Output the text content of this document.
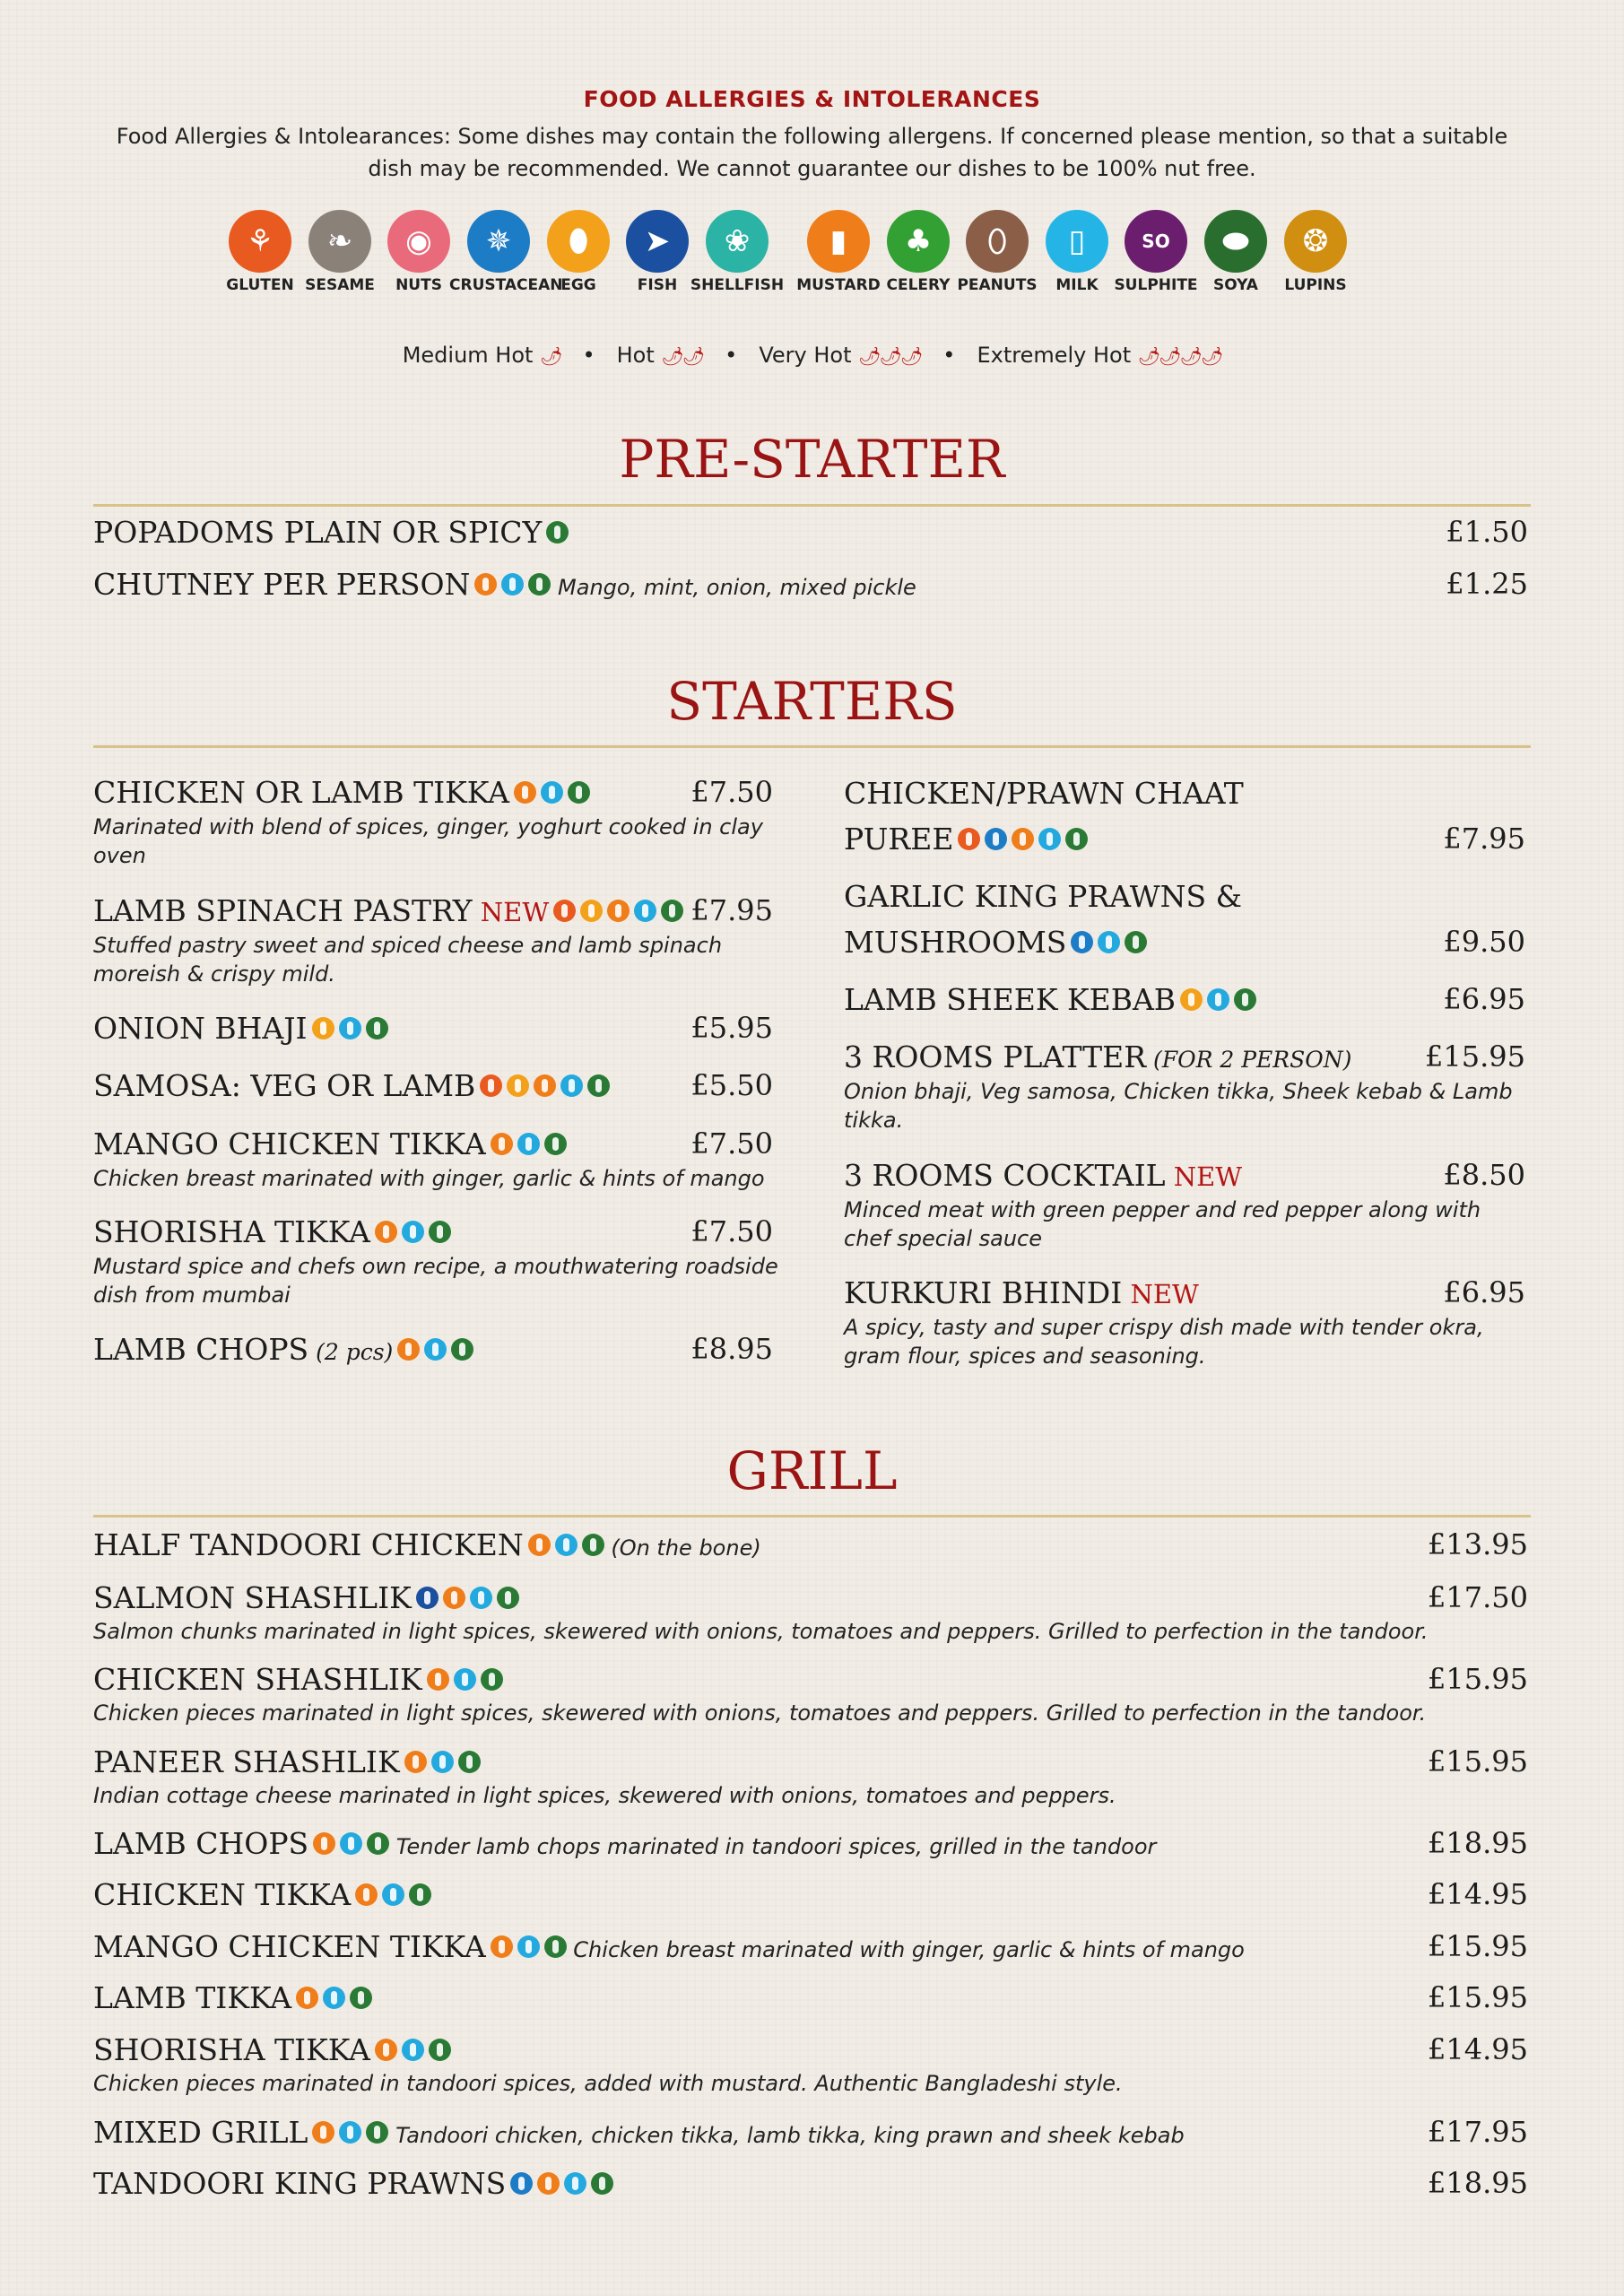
FOOD ALLERGIES & INTOLERANCES
Food Allergies & Intolearances: Some dishes may contain the following allergens. If concerned please mention, so that a suitable dish may be recommended. We cannot guarantee our dishes to be 100% nut free.
⚘
GLUTEN
❧
SESAME
◉
NUTS
✵
CRUSTACEAN
⬮
EGG
➤
FISH
❀
SHELLFISH
▮
MUSTARD
♣
CELERY
⬯
PEANUTS
▯
MILK
SO
SULPHITE
⬬
SOYA
❂
LUPINS
Medium Hot 🌶 • Hot 🌶🌶 • Very Hot 🌶🌶🌶 • Extremely Hot 🌶🌶🌶🌶
PRE-STARTER
POPADOMS PLAIN OR SPICY	£1.50
CHUTNEY PER PERSON	Mango, mint, onion, mixed pickle	£1.25
STARTERS
CHICKEN OR LAMB TIKKA	£7.50
Marinated with blend of spices, ginger, yoghurt cooked in clay oven
LAMB SPINACH PASTRY NEW	£7.95
Stuffed pastry sweet and spiced cheese and lamb spinach moreish & crispy mild.
ONION BHAJI	£5.95
SAMOSA: VEG OR LAMB	£5.50
MANGO CHICKEN TIKKA	£7.50
Chicken breast marinated with ginger, garlic & hints of mango
SHORISHA TIKKA	£7.50
Mustard spice and chefs own recipe, a mouthwatering roadside dish from mumbai
LAMB CHOPS (2 pcs)	£8.95
CHICKEN/PRAWN CHAAT
PUREE	£7.95
GARLIC KING PRAWNS &
MUSHROOMS	£9.50
LAMB SHEEK KEBAB	£6.95
3 ROOMS PLATTER (FOR 2 PERSON)	£15.95
Onion bhaji, Veg samosa, Chicken tikka, Sheek kebab & Lamb tikka.
3 ROOMS COCKTAIL NEW	£8.50
Minced meat with green pepper and red pepper along with chef special sauce
KURKURI BHINDI NEW	£6.95
A spicy, tasty and super crispy dish made with tender okra, gram flour, spices and seasoning.
GRILL
HALF TANDOORI CHICKEN	(On the bone)	£13.95
SALMON SHASHLIK	£17.50
Salmon chunks marinated in light spices, skewered with onions, tomatoes and peppers. Grilled to perfection in the tandoor.
CHICKEN SHASHLIK	£15.95
Chicken pieces marinated in light spices, skewered with onions, tomatoes and peppers. Grilled to perfection in the tandoor.
PANEER SHASHLIK	£15.95
Indian cottage cheese marinated in light spices, skewered with onions, tomatoes and peppers.
LAMB CHOPS	Tender lamb chops marinated in tandoori spices, grilled in the tandoor	£18.95
CHICKEN TIKKA	£14.95
MANGO CHICKEN TIKKA	Chicken breast marinated with ginger, garlic & hints of mango	£15.95
LAMB TIKKA	£15.95
SHORISHA TIKKA	£14.95
Chicken pieces marinated in tandoori spices, added with mustard. Authentic Bangladeshi style.
MIXED GRILL	Tandoori chicken, chicken tikka, lamb tikka, king prawn and sheek kebab	£17.95
TANDOORI KING PRAWNS	£18.95
